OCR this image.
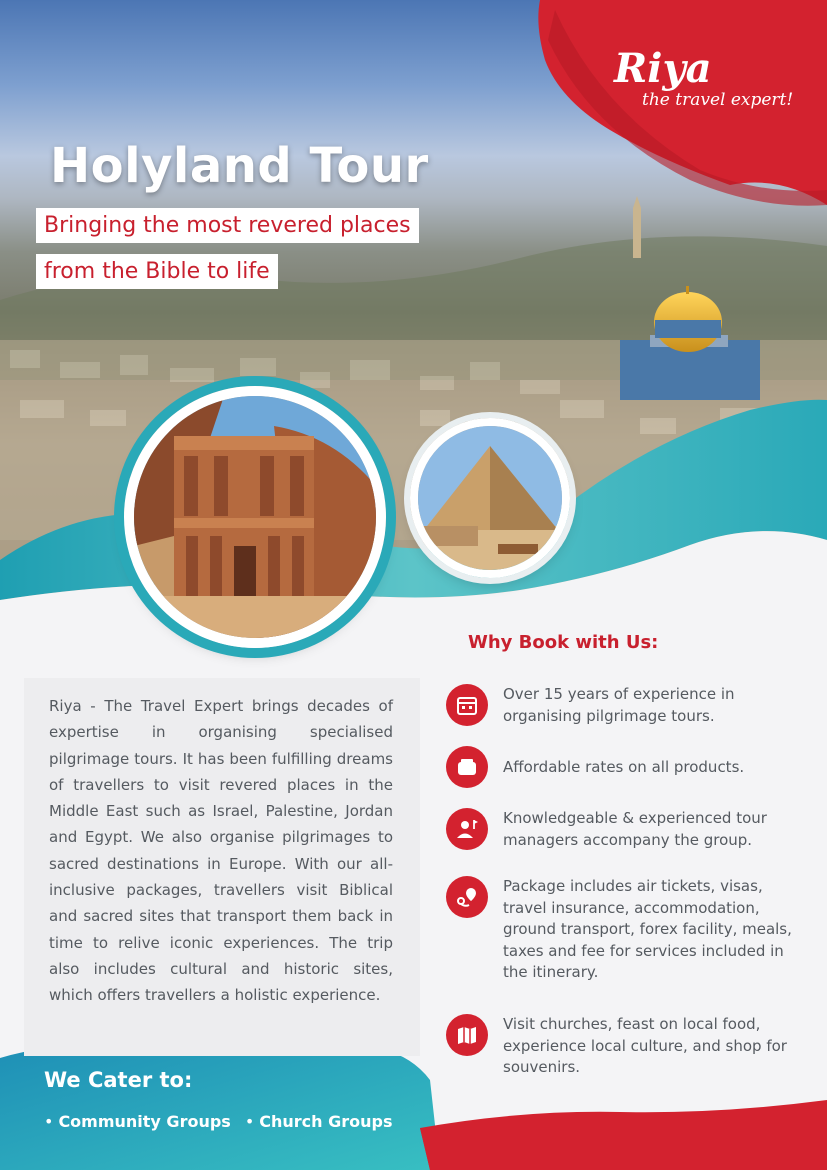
Riya
the travel expert!
Holyland Tour
Bringing the most revered places
from the Bible to life

Riya - The Travel Expert brings decades of expertise in organising specialised pilgrimage tours. It has been fulfilling dreams of travellers to visit revered places in the Middle East such as Israel, Palestine, Jordan and Egypt. We also organise pilgrimages to sacred destinations in Europe. With our all-inclusive packages, travellers visit Biblical and sacred sites that transport them back in time to relive iconic experiences. The trip also includes cultural and historic sites, which offers travellers a holistic experience.

Why Book with Us:
Over 15 years of experience in organising pilgrimage tours.
Affordable rates on all products.
Knowledgeable & experienced tour managers accompany the group.
Package includes air tickets, visas, travel insurance, accommodation, ground transport, forex facility, meals, taxes and fee for services included in the itinerary.
Visit churches, feast on local food, experience local culture, and shop for souvenirs.
We Cater to:
• Community Groups
•	Church Groups
